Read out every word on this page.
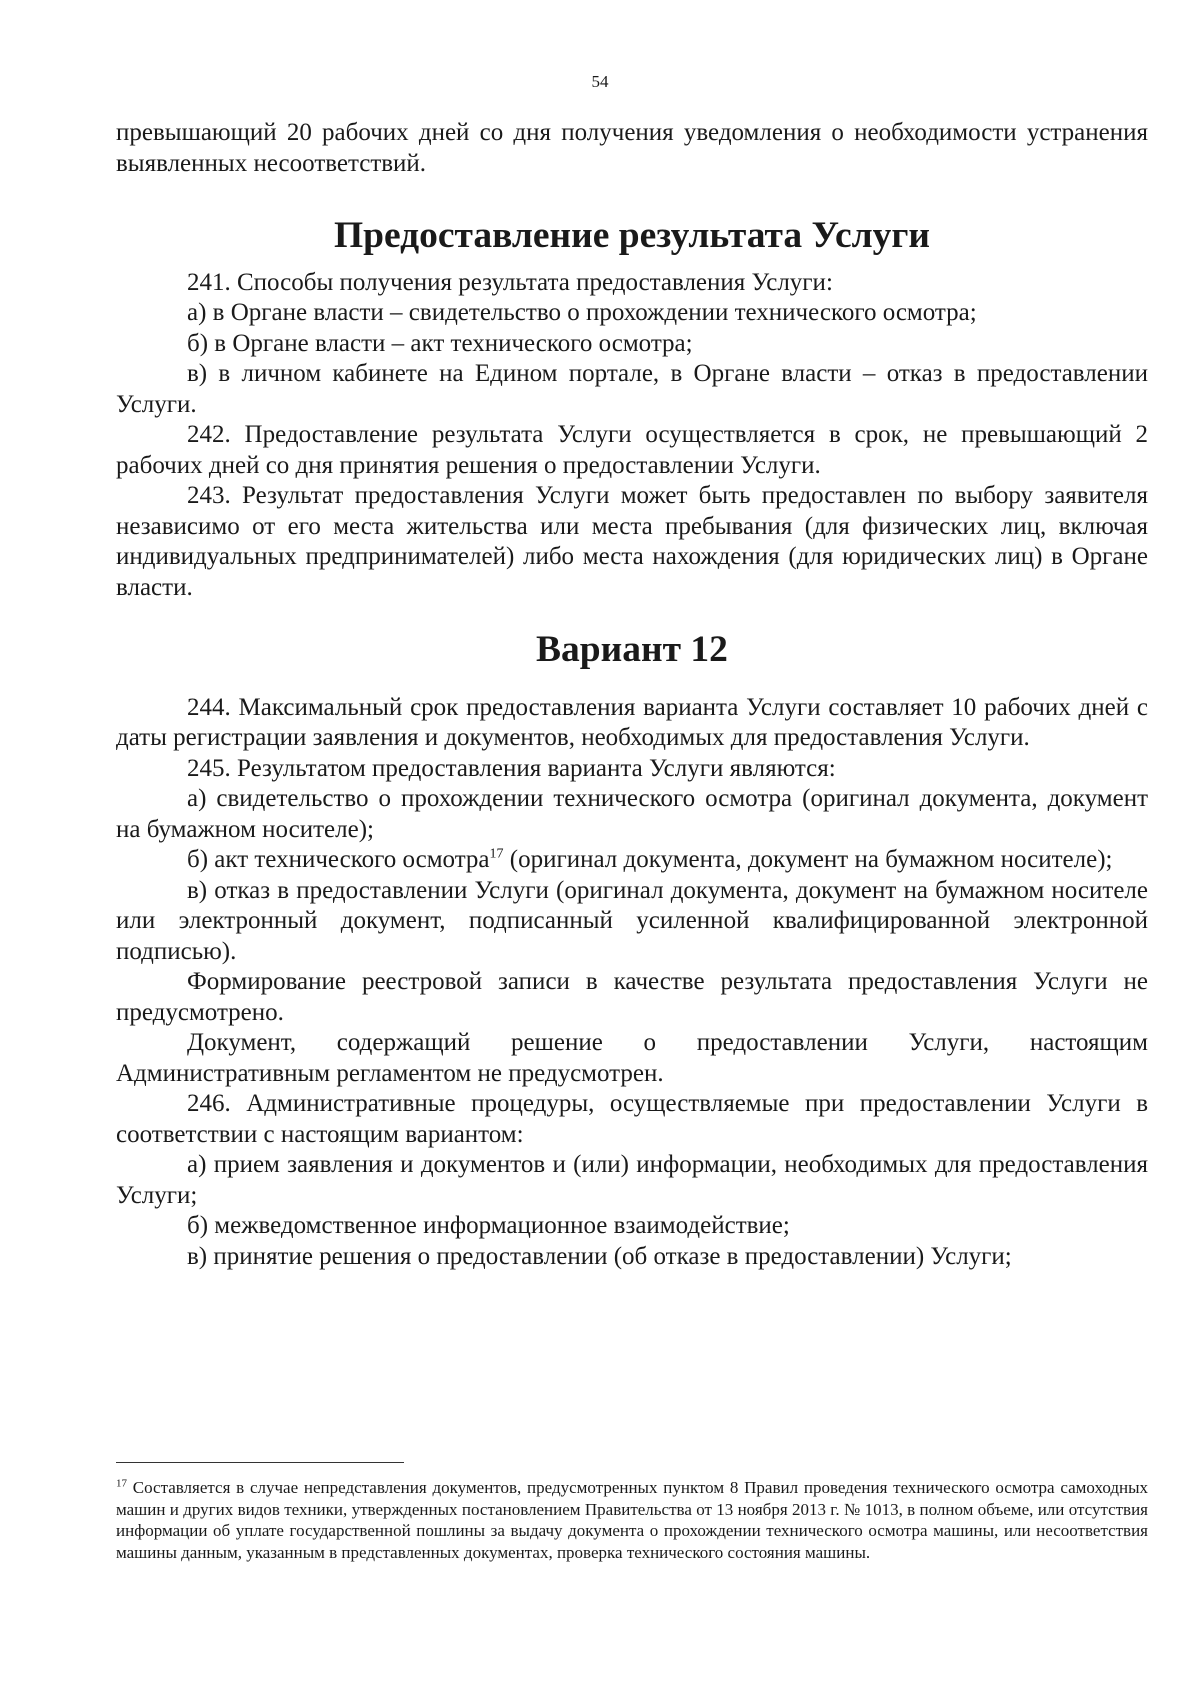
54

превышающий 20 рабочих дней со дня получения уведомления о необходимости устранения выявленных несоответствий.

Предоставление результата Услуги

241. Способы получения результата предоставления Услуги:

а) в Органе власти – свидетельство о прохождении технического осмотра;

б) в Органе власти – акт технического осмотра;

в) в личном кабинете на Едином портале, в Органе власти – отказ в предоставлении Услуги.

242. Предоставление результата Услуги осуществляется в срок, не превышающий 2 рабочих дней со дня принятия решения о предоставлении Услуги.

243. Результат предоставления Услуги может быть предоставлен по выбору заявителя независимо от его места жительства или места пребывания (для физических лиц, включая индивидуальных предпринимателей) либо места нахождения (для юридических лиц) в Органе власти.

Вариант 12

244. Максимальный срок предоставления варианта Услуги составляет 10 рабочих дней с даты регистрации заявления и документов, необходимых для предоставления Услуги.

245. Результатом предоставления варианта Услуги являются:

а) свидетельство о прохождении технического осмотра (оригинал документа, документ на бумажном носителе);

б) акт технического осмотра$^{17}$ (оригинал документа, документ на бумажном носителе);

в) отказ в предоставлении Услуги (оригинал документа, документ на бумажном носителе или электронный документ, подписанный усиленной квалифицированной электронной подписью).

Формирование реестровой записи в качестве результата предоставления Услуги не предусмотрено.

Документ, содержащий решение о предоставлении Услуги, настоящим Административным регламентом не предусмотрен.

246. Административные процедуры, осуществляемые при предоставлении Услуги в соответствии с настоящим вариантом:

а) прием заявления и документов и (или) информации, необходимых для предоставления Услуги;

б) межведомственное информационное взаимодействие;

в) принятие решения о предоставлении (об отказе в предоставлении) Услуги;

$^{17}$ Составляется в случае непредставления документов, предусмотренных пунктом 8 Правил проведения технического осмотра самоходных машин и других видов техники, утвержденных постановлением Правительства от 13 ноября 2013 г. № 1013, в полном объеме, или отсутствия информации об уплате государственной пошлины за выдачу документа о прохождении технического осмотра машины, или несоответствия машины данным, указанным в представленных документах, проверка технического состояния машины.
